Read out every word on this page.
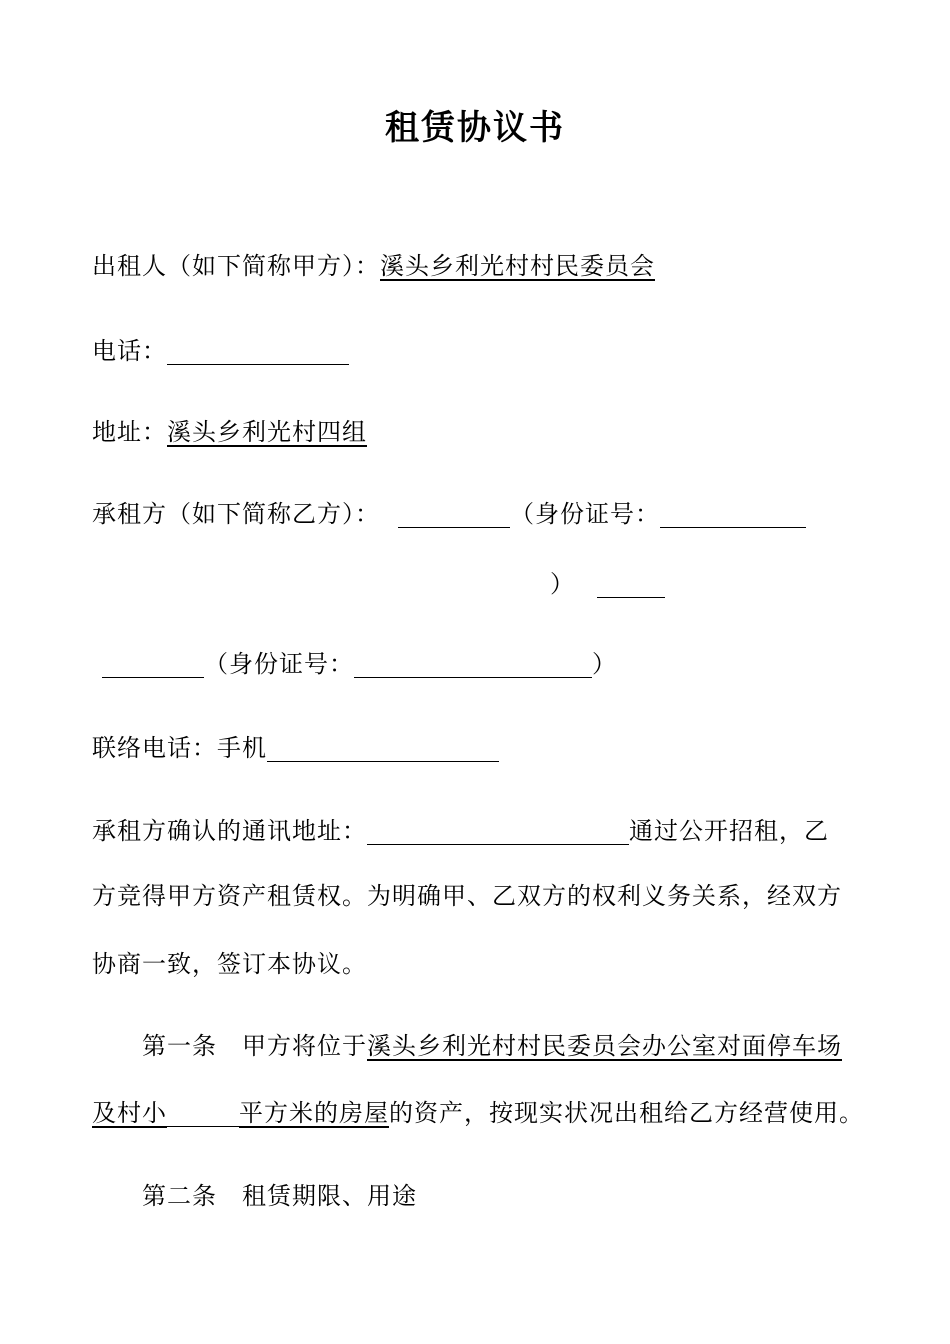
租赁协议书
出租人（如下简称甲方）：溪头乡利光村村民委员会
电话：
地址：溪头乡利光村四组
承租方（如下简称乙方）：	（身份证号：
）
（身份证号：	）
联络电话：手机
承租方确认的通讯地址：	通过公开招租，乙
方竞得甲方资产租赁权。为明确甲、乙双方的权利义务关系，经双方
协商一致，签订本协议。
第一条　甲方将位于溪头乡利光村村民委员会办公室对面停车场
及村小	平方米的房屋的资产，按现实状况出租给乙方经营使用。
第二条　租赁期限、用途
